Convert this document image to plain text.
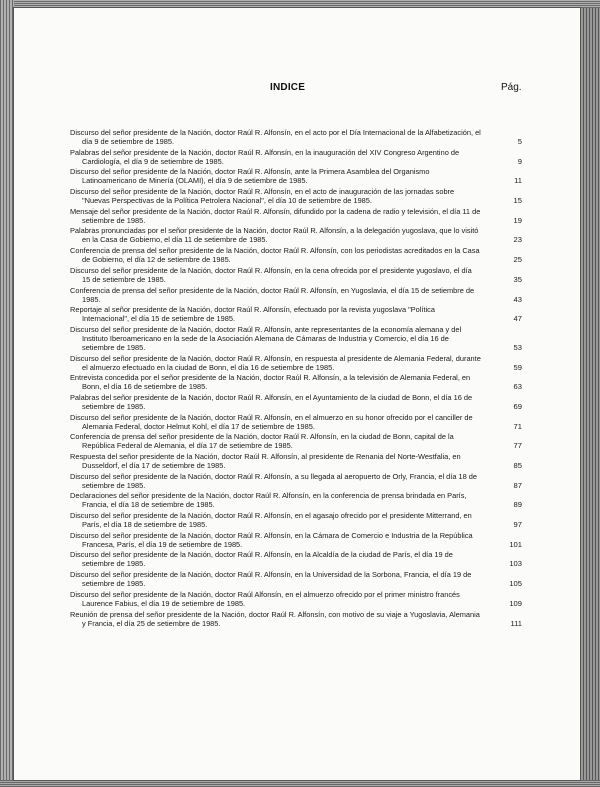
INDICE	Pág.
Discurso del señor presidente de la Nación, doctor Raúl R. Alfonsín, en el acto por el Día Internacional de la Alfabetización, el día 9 de setiembre de 1985.	5
Palabras del señor presidente de la Nación, doctor Raúl R. Alfonsín, en la inauguración del XIV Congreso Argentino de Cardiología, el día 9 de setiembre de 1985.	9
Discurso del señor presidente de la Nación, doctor Raúl R. Alfonsín, ante la Primera Asamblea del Organismo Latinoamericano de Minería (OLAMI), el día 9 de setiembre de 1985.	11
Discurso del señor presidente de la Nación, doctor Raúl R. Alfonsín, en el acto de inauguración de las jornadas sobre "Nuevas Perspectivas de la Política Petrolera Nacional", el día 10 de setiembre de 1985.	15
Mensaje del señor presidente de la Nación, doctor Raúl R. Alfonsín, difundido por la cadena de radio y televisión, el día 11 de setiembre de 1985.	19
Palabras pronunciadas por el señor presidente de la Nación, doctor Raúl R. Alfonsín, a la delegación yugoslava, que lo visitó en la Casa de Gobierno, el día 11 de setiembre de 1985.	23
Conferencia de prensa del señor presidente de la Nación, doctor Raúl R. Alfonsín, con los periodistas acreditados en la Casa de Gobierno, el día 12 de setiembre de 1985.	25
Discurso del señor presidente de la Nación, doctor Raúl R. Alfonsín, en la cena ofrecida por el presidente yugoslavo, el día 15 de setiembre de 1985.	35
Conferencia de prensa del señor presidente de la Nación, doctor Raúl R. Alfonsín, en Yugoslavia, el día 15 de setiembre de 1985.	43
Reportaje al señor presidente de la Nación, doctor Raúl R. Alfonsín, efectuado por la revista yugoslava "Política Internacional", el día 15 de setiembre de 1985.	47
Discurso del señor presidente de la Nación, doctor Raúl R. Alfonsín, ante representantes de la economía alemana y del Instituto Iberoamericano en la sede de la Asociación Alemana de Cámaras de Industria y Comercio, el día 16 de setiembre de 1985.	53
Discurso del señor presidente de la Nación, doctor Raúl R. Alfonsín, en respuesta al presidente de Alemania Federal, durante el almuerzo efectuado en la ciudad de Bonn, el día 16 de setiembre de 1985.	59
Entrevista concedida por el señor presidente de la Nación, doctor Raúl R. Alfonsín, a la televisión de Alemania Federal, en Bonn, el día 16 de setiembre de 1985.	63
Palabras del señor presidente de la Nación, doctor Raúl R. Alfonsín, en el Ayuntamiento de la ciudad de Bonn, el día 16 de setiembre de 1985.	69
Discurso del señor presidente de la Nación, doctor Raúl R. Alfonsín, en el almuerzo en su honor ofrecido por el canciller de Alemania Federal, doctor Helmut Kohl, el día 17 de setiembre de 1985.	71
Conferencia de prensa del señor presidente de la Nación, doctor Raúl R. Alfonsín, en la ciudad de Bonn, capital de la República Federal de Alemania, el día 17 de setiembre de 1985.	77
Respuesta del señor presidente de la Nación, doctor Raúl R. Alfonsín, al presidente de Renania del Norte-Westfalia, en Dusseldorf, el día 17 de setiembre de 1985.	85
Discurso del señor presidente de la Nación, doctor Raúl R. Alfonsín, a su llegada al aeropuerto de Orly, Francia, el día 18 de setiembre de 1985.	87
Declaraciones del señor presidente de la Nación, doctor Raúl R. Alfonsín, en la conferencia de prensa brindada en París, Francia, el día 18 de setiembre de 1985.	89
Discurso del señor presidente de la Nación, doctor Raúl R. Alfonsín, en el agasajo ofrecido por el presidente Mitterrand, en París, el día 18 de setiembre de 1985.	97
Discurso del señor presidente de la Nación, doctor Raúl R. Alfonsín, en la Cámara de Comercio e Industria de la República Francesa, París, el día 19 de setiembre de 1985.	101
Discurso del señor presidente de la Nación, doctor Raúl R. Alfonsín, en la Alcaldía de la ciudad de París, el día 19 de setiembre de 1985.	103
Discurso del señor presidente de la Nación, doctor Raúl R. Alfonsín, en la Universidad de la Sorbona, Francia, el día 19 de setiembre de 1985.	105
Discurso del señor presidente de la Nación, doctor Raúl Alfonsín, en el almuerzo ofrecido por el primer ministro francés Laurence Fabius, el día 19 de setiembre de 1985.	109
Reunión de prensa del señor presidente de la Nación, doctor Raúl R. Alfonsín, con motivo de su viaje a Yugoslavia, Alemania y Francia, el día 25 de setiembre de 1985.	111
